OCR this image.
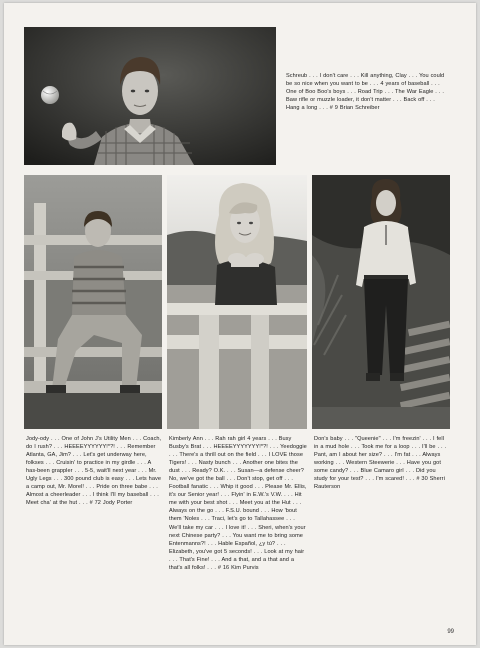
Schreub . . . I don't care . . . Kill anything, Clay . . . You could be so nice when you want to be . . . 4 years of baseball . . . One of Boo Boo's boys . . . Road Trip . . . The War Eagle . . . Baw rifle or muzzle loader, it don't matter . . . Back off . . . Hang a long . . . # 9 Brian Schreiber

Jody-ody . . . One of John J's Utility Men . . . Coach, do I rush? . . . HEEEEYYYYYY!*?! . . . Remember Atlanta, GA, Jim? . . . Let's get underway here, folkses . . . Cruisin' to practice in my girdle . . . A has-been grappler . . . 5-5, wait'll next year . . . Mr. Ugly Legs . . . 300 pound club is easy . . . Lets have a camp out, Mr. Morel! . . . Pride on three babe . . . Almost a cheerleader . . . I think I'll my baseball . . . Meet cha' at the hut . . . # 72 Jody Porter

Kimberly Ann . . . Rah rah girl 4 years . . . Busy Busby's Brat . . . HEEEEYYYYYYY!*?! . . . Yeedoggie . . . There's a thrill out on the field . . . I LOVE those Tigers! . . . Nasty bunch . . . Another one bites the dust . . . Ready? O.K. . . . Susan—a defense cheer? No, we've got the ball . . . Don't stop, get off . . . Football fanatic . . . Whip it good . . . Please Mr. Ellis, it's our Senior year! . . . Flyin' in E.W.'s V.W. . . . Hit me with your best shot . . . Meet you at the Hut . . . Always on the go . . . F.S.U. bound . . . How 'bout them 'Noles . . . Traci, let's go to Tallahassee . . . We'll take my car . . . I love it! . . . Sheri, when's your next Chinese party? . . . You want me to bring some Entenmanns?! . . . Hable Español, ¿y tú? . . . Elizabeth, you've got 5 seconds! . . . Look at my hair . . . That's Fine! . . . And a that, and a that and a that's all folks! . . . # 16 Kim Purvis

Don's baby . . . "Queenie" . . . I'm freezin' . . . I fell in a mud hole . . . Took me for a loop . . . I'll be . . . Pant, am I about her size? . . . I'm fat . . . Always working . . . Western Steewerie . . . Have you got some candy? . . . Blue Camaro girl . . . Did you study for your test? . . . I'm scared! . . . # 30 Sherri Rauterson

99
